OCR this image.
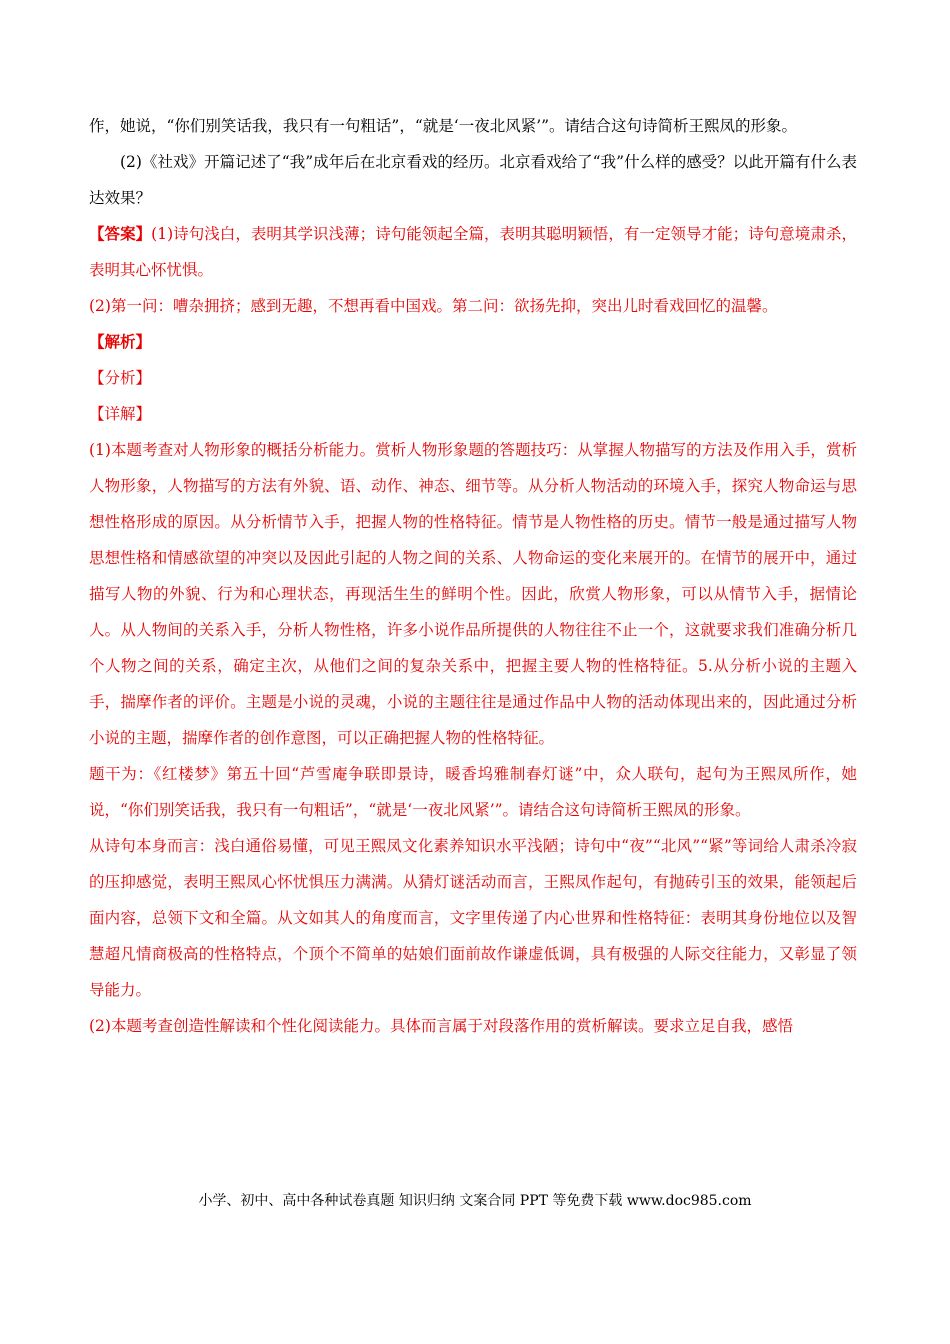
作，她说，“你们别笑话我，我只有一句粗话”，“就是‘一夜北风紧’”。请结合这句诗简析王熙凤的形象。

(2)《社戏》开篇记述了“我”成年后在北京看戏的经历。北京看戏给了“我”什么样的感受？以此开篇有什么表达效果？

【答案】(1)诗句浅白，表明其学识浅薄；诗句能领起全篇，表明其聪明颖悟，有一定领导才能；诗句意境肃杀，表明其心怀忧惧。

(2)第一问：嘈杂拥挤；感到无趣，不想再看中国戏。第二问：欲扬先抑，突出儿时看戏回忆的温馨。

【解析】

【分析】

【详解】

(1)本题考查对人物形象的概括分析能力。赏析人物形象题的答题技巧：从掌握人物描写的方法及作用入手，赏析人物形象，人物描写的方法有外貌、语、动作、神态、细节等。从分析人物活动的环境入手，探究人物命运与思想性格形成的原因。从分析情节入手，把握人物的性格特征。情节是人物性格的历史。情节一般是通过描写人物思想性格和情感欲望的冲突以及因此引起的人物之间的关系、人物命运的变化来展开的。在情节的展开中，通过描写人物的外貌、行为和心理状态，再现活生生的鲜明个性。因此，欣赏人物形象，可以从情节入手，据情论人。从人物间的关系入手，分析人物性格，许多小说作品所提供的人物往往不止一个，这就要求我们准确分析几个人物之间的关系，确定主次，从他们之间的复杂关系中，把握主要人物的性格特征。5.从分析小说的主题入手，揣摩作者的评价。主题是小说的灵魂，小说的主题往往是通过作品中人物的活动体现出来的，因此通过分析小说的主题，揣摩作者的创作意图，可以正确把握人物的性格特征。

题干为：《红楼梦》第五十回“芦雪庵争联即景诗，暖香坞雅制春灯谜”中，众人联句，起句为王熙凤所作，她说，“你们别笑话我，我只有一句粗话”，“就是‘一夜北风紧’”。请结合这句诗简析王熙凤的形象。

从诗句本身而言：浅白通俗易懂，可见王熙凤文化素养知识水平浅陋；诗句中“夜”“北风”“紧”等词给人肃杀冷寂的压抑感觉，表明王熙凤心怀忧惧压力满满。从猜灯谜活动而言，王熙凤作起句，有抛砖引玉的效果，能领起后面内容，总领下文和全篇。从文如其人的角度而言，文字里传递了内心世界和性格特征：表明其身份地位以及智慧超凡情商极高的性格特点，个顶个不简单的姑娘们面前故作谦虚低调，具有极强的人际交往能力，又彰显了领导能力。

(2)本题考查创造性解读和个性化阅读能力。具体而言属于对段落作用的赏析解读。要求立足自我，感悟

小学、初中、高中各种试卷真题 知识归纳 文案合同 PPT 等免费下载 www.doc985.com
